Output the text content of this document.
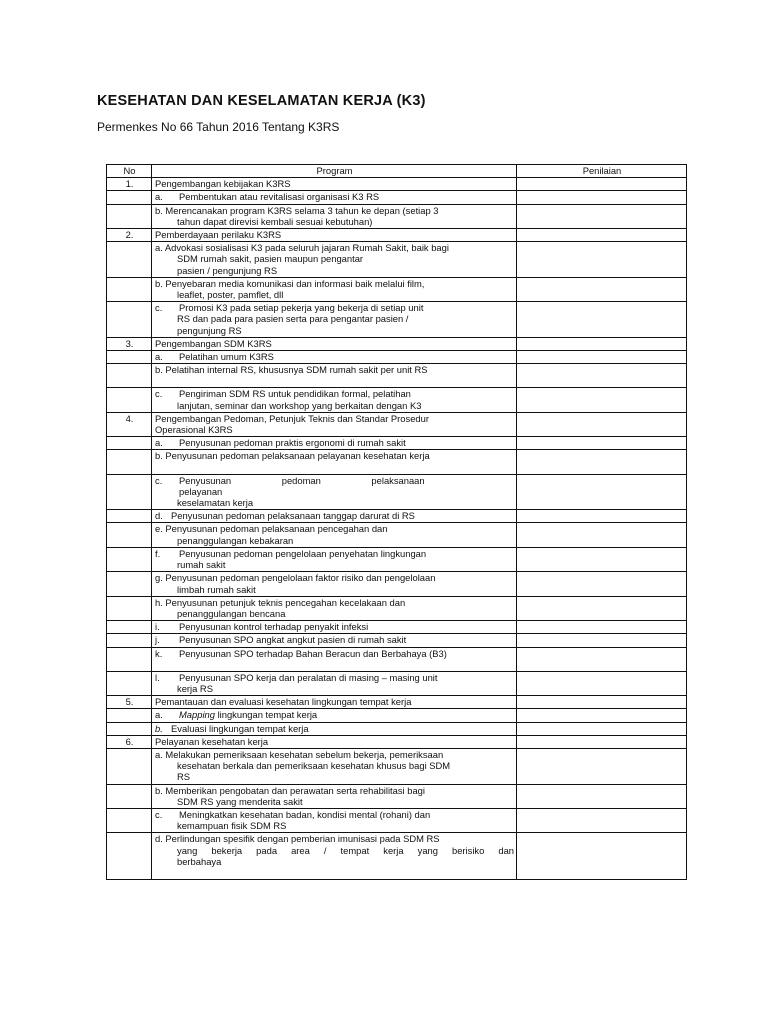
KESEHATAN DAN KESELAMATAN KERJA (K3)
Permenkes No 66 Tahun 2016 Tentang K3RS
No	Program	Penilaian
1.	Pengembangan kebijakan K3RS	

	a. Pembentukan atau revitalisasi organisasi K3 RS	

	b. Merencanakan program K3RS selama 3 tahun ke depan (setiap 3
tahun dapat direvisi kembali sesuai kebutuhan)	

2.	Pemberdayaan perilaku K3RS	

	a. Advokasi sosialisasi K3 pada seluruh jajaran Rumah Sakit, baik bagi
SDM rumah sakit, pasien maupun pengantar
pasien / pengunjung RS	

	b. Penyebaran media komunikasi dan informasi baik melalui film,
leaflet, poster, pamflet, dll	

	c. Promosi K3 pada setiap pekerja yang bekerja di setiap unit
RS dan pada para pasien serta para pengantar pasien /
pengunjung RS	

3.	Pengembangan SDM K3RS	

	a. Pelatihan umum K3RS	

	b. Pelatihan internal RS, khususnya SDM rumah sakit per unit RS	

	c. Pengiriman SDM RS untuk pendidikan formal, pelatihan
lanjutan, seminar dan workshop yang berkaitan dengan K3	

4.	Pengembangan Pedoman, Petunjuk Teknis dan Standar Prosedur
Operasional K3RS	

	a. Penyusunan pedoman praktis ergonomi di rumah sakit	

	b. Penyusunan pedoman pelaksanaan pelayanan kesehatan kerja	

	c. Penyusunan pedoman pelaksanaan pelayanan
keselamatan kerja	

	d. Penyusunan pedoman pelaksanaan tanggap darurat di RS	

	e. Penyusunan pedoman pelaksanaan pencegahan dan
penanggulangan kebakaran	

	f. Penyusunan pedoman pengelolaan penyehatan lingkungan
rumah sakit	

	g. Penyusunan pedoman pengelolaan faktor risiko dan pengelolaan
limbah rumah sakit	

	h. Penyusunan petunjuk teknis pencegahan kecelakaan dan
penanggulangan bencana	

	i. Penyusunan kontrol terhadap penyakit infeksi	

	j. Penyusunan SPO angkat angkut pasien di rumah sakit	

	k. Penyusunan SPO terhadap Bahan Beracun dan Berbahaya (B3)	

	l. Penyusunan SPO kerja dan peralatan di masing – masing unit
kerja RS	

5.	Pemantauan dan evaluasi kesehatan lingkungan tempat kerja	

	a. Mapping lingkungan tempat kerja	

	b. Evaluasi lingkungan tempat kerja	

6.	Pelayanan kesehatan kerja	

	a. Melakukan pemeriksaan kesehatan sebelum bekerja, pemeriksaan
kesehatan berkala dan pemeriksaan kesehatan khusus bagi SDM
RS	

	b. Memberikan pengobatan dan perawatan serta rehabilitasi bagi
SDM RS yang menderita sakit	

	c. Meningkatkan kesehatan badan, kondisi mental (rohani) dan
kemampuan fisik SDM RS	

	d. Perlindungan spesifik dengan pemberian imunisasi pada SDM RS
yang bekerja pada area / tempat kerja yang berisiko dan
berbahaya	
